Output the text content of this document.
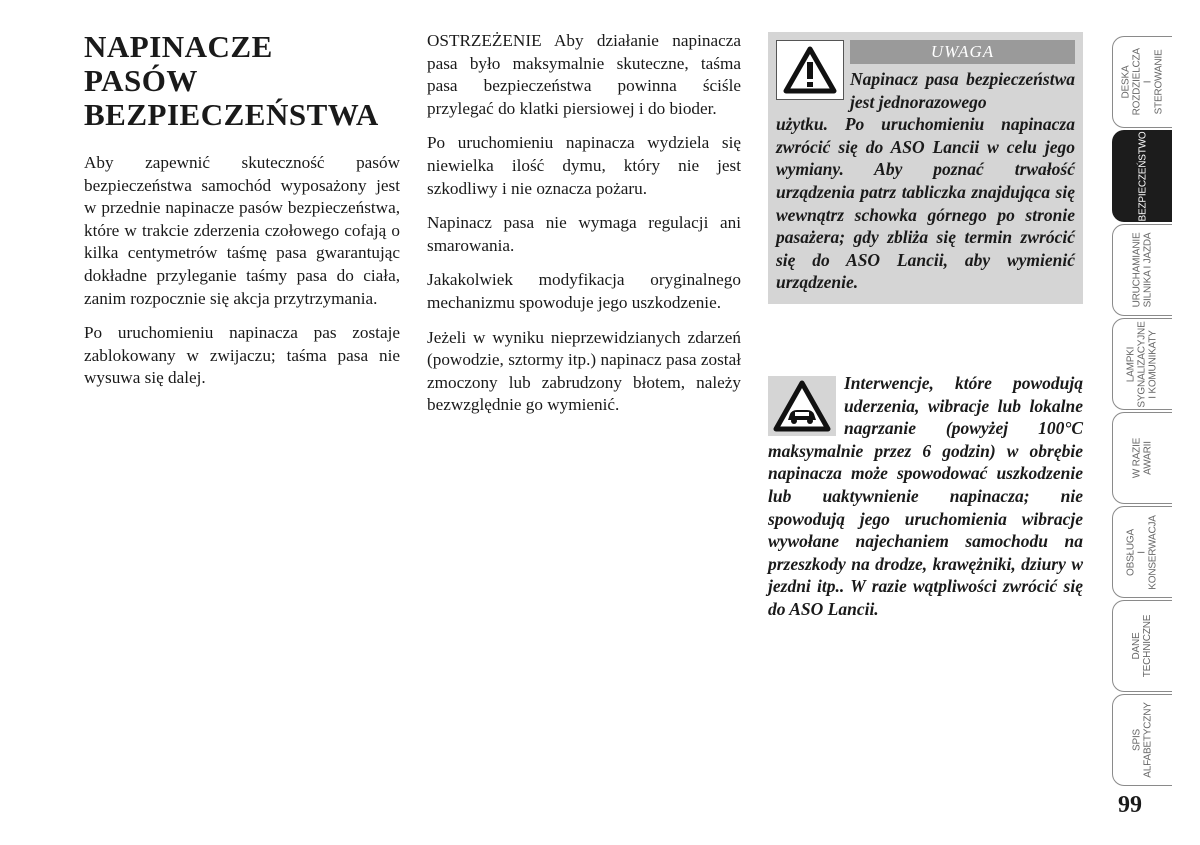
NAPINACZE
PASÓW
BEZPIECZEŃSTWA

Aby zapewnić skuteczność pasów bezpieczeństwa samochód wyposażony jest w przednie napinacze pasów bezpieczeństwa, które w trakcie zderzenia czołowego cofają o kilka centymetrów taśmę pasa gwarantując dokładne przyleganie taśmy pasa do ciała, zanim rozpocznie się akcja przytrzymania.

Po uruchomieniu napinacza pas zostaje zablokowany w zwijaczu; taśma pasa nie wysuwa się dalej.

OSTRZEŻENIE Aby działanie napinacza pasa było maksymalnie skuteczne, taśma pasa bezpieczeństwa powinna ściśle przylegać do klatki piersiowej i do bioder.

Po uruchomieniu napinacza wydziela się niewielka ilość dymu, który nie jest szkodliwy i nie oznacza pożaru.

Napinacz pasa nie wymaga regulacji ani smarowania.

Jakakolwiek modyfikacja oryginalnego mechanizmu spowoduje jego uszkodzenie.

Jeżeli w wyniku nieprzewidzianych zdarzeń (powodzie, sztormy itp.) napinacz pasa został zmoczony lub zabrudzony błotem, należy bezwzględnie go wymienić.

UWAGA

Napinacz pasa bezpieczeństwa jest jednorazowego

użytku. Po uruchomieniu napinacza zwrócić się do ASO Lancii w celu jego wymiany. Aby poznać trwałość urządzenia patrz tabliczka znajdująca się wewnątrz schowka górnego po stronie pasażera; gdy zbliża się termin zwrócić się do ASO Lancii, aby wymienić urządzenie.

Interwencje, które powodują uderzenia, wibracje lub lokalne nagrzanie (powyżej 100°C maksymalnie przez 6 godzin) w obrębie napinacza może spowodować uszkodzenie lub uaktywnienie napinacza; nie spowodują jego uruchomienia wibracje wywołane najechaniem samochodu na przeszkody na drodze, krawężniki, dziury w jezdni itp.. W razie wątpliwości zwrócić się do ASO Lancii.

DESKA
ROZDZIELCZA I
STEROWANIE
BEZPIECZEŃSTWO
URUCHAMIANIE
SILNIKA I JAZDA
LAMPKI
SYGNALIZACYJNE
I KOMUNIKATY
W RAZIE
AWARII
OBSŁUGA
I KONSERWACJA
DANE
TECHNICZNE
SPIS
ALFABETYCZNY
99
